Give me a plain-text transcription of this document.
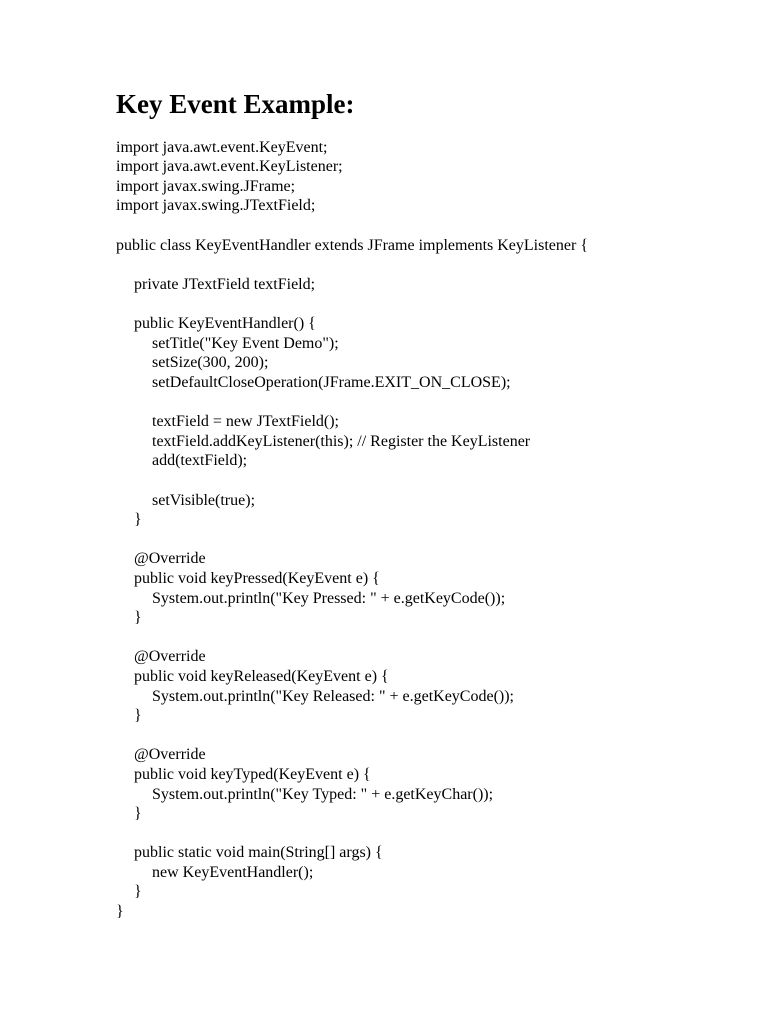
Key Event Example:
import java.awt.event.KeyEvent;
import java.awt.event.KeyListener;
import javax.swing.JFrame;
import javax.swing.JTextField;
public class KeyEventHandler extends JFrame implements KeyListener {
private JTextField textField;
public KeyEventHandler() {
setTitle("Key Event Demo");
setSize(300, 200);
setDefaultCloseOperation(JFrame.EXIT_ON_CLOSE);
textField = new JTextField();
textField.addKeyListener(this); // Register the KeyListener
add(textField);
setVisible(true);
}
@Override
public void keyPressed(KeyEvent e) {
System.out.println("Key Pressed: " + e.getKeyCode());
}
@Override
public void keyReleased(KeyEvent e) {
System.out.println("Key Released: " + e.getKeyCode());
}
@Override
public void keyTyped(KeyEvent e) {
System.out.println("Key Typed: " + e.getKeyChar());
}
public static void main(String[] args) {
new KeyEventHandler();
}
}
